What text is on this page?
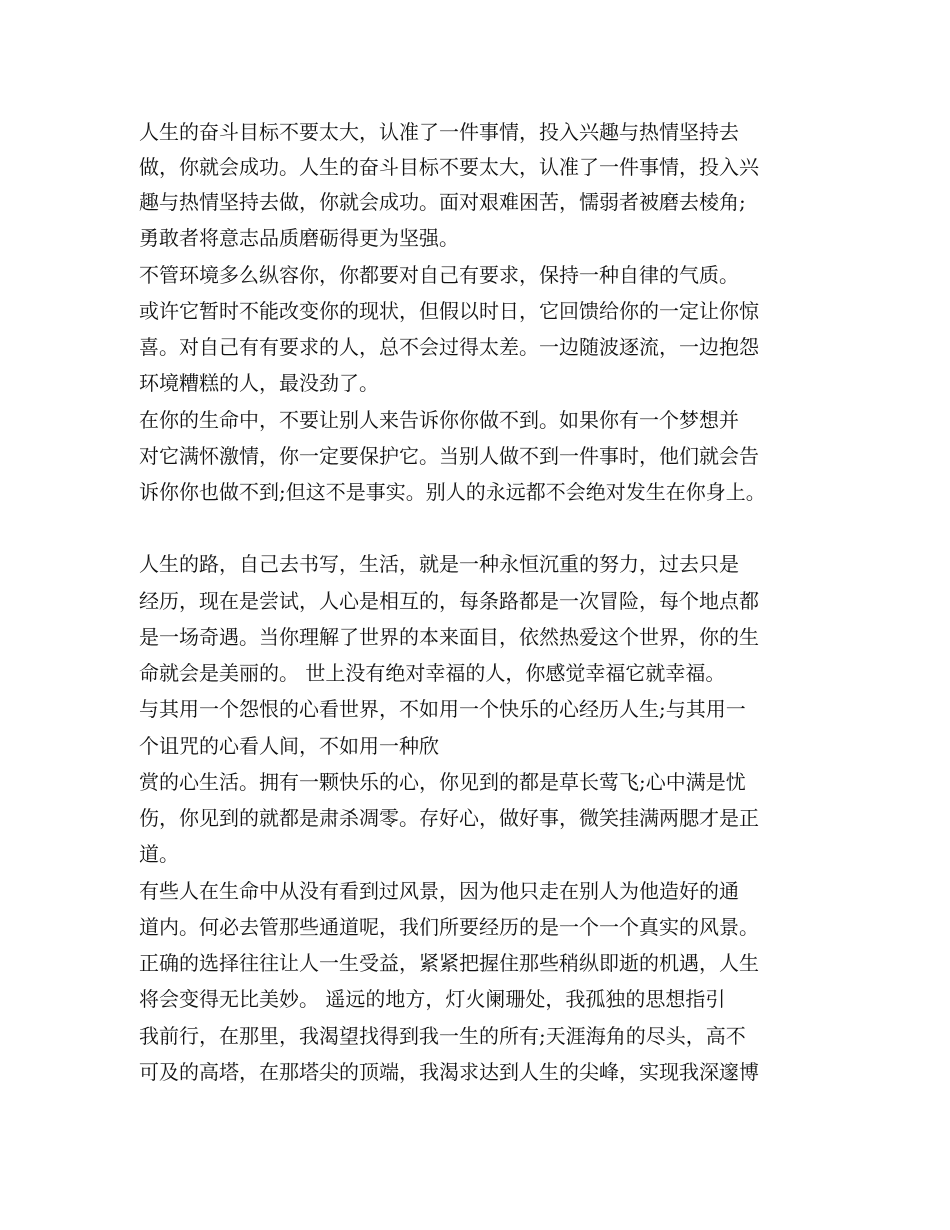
人生的奋斗目标不要太大，认准了一件事情，投入兴趣与热情坚持去

做，你就会成功。人生的奋斗目标不要太大，认准了一件事情，投入兴

趣与热情坚持去做，你就会成功。面对艰难困苦，懦弱者被磨去棱角;

勇敢者将意志品质磨砺得更为坚强。

不管环境多么纵容你，你都要对自己有要求，保持一种自律的气质。

或许它暂时不能改变你的现状，但假以时日，它回馈给你的一定让你惊

喜。对自己有有要求的人，总不会过得太差。一边随波逐流，一边抱怨

环境糟糕的人，最没劲了。

在你的生命中，不要让别人来告诉你你做不到。如果你有一个梦想并

对它满怀激情，你一定要保护它。当别人做不到一件事时，他们就会告

诉你你也做不到;但这不是事实。别人的永远都不会绝对发生在你身上。

人生的路，自己去书写，生活，就是一种永恒沉重的努力，过去只是

经历，现在是尝试，人心是相互的，每条路都是一次冒险，每个地点都

是一场奇遇。当你理解了世界的本来面目，依然热爱这个世界，你的生

命就会是美丽的。 世上没有绝对幸福的人，你感觉幸福它就幸福。

与其用一个怨恨的心看世界，不如用一个快乐的心经历人生;与其用一

个诅咒的心看人间，不如用一种欣

赏的心生活。拥有一颗快乐的心，你见到的都是草长莺飞;心中满是忧

伤，你见到的就都是肃杀凋零。存好心，做好事，微笑挂满两腮才是正

道。

有些人在生命中从没有看到过风景，因为他只走在别人为他造好的通

道内。何必去管那些通道呢，我们所要经历的是一个一个真实的风景。

正确的选择往往让人一生受益，紧紧把握住那些稍纵即逝的机遇，人生

将会变得无比美妙。 遥远的地方，灯火阑珊处，我孤独的思想指引

我前行，在那里，我渴望找得到我一生的所有;天涯海角的尽头，高不

可及的高塔，在那塔尖的顶端，我渴求达到人生的尖峰，实现我深邃博
